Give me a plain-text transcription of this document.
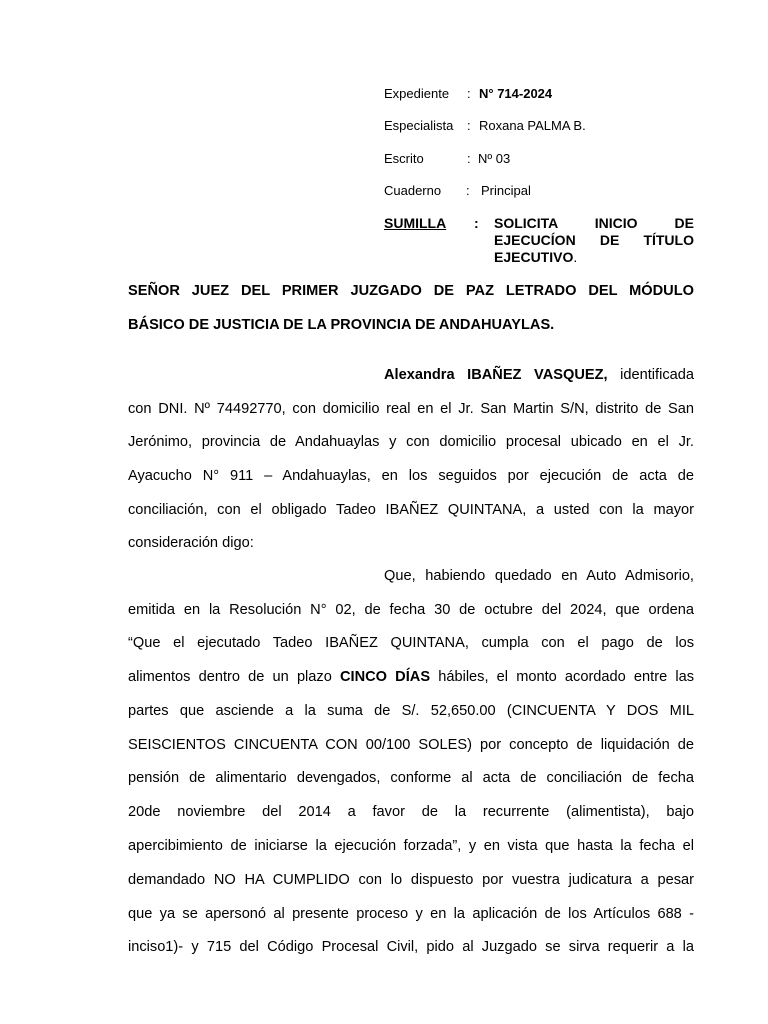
Expediente : N° 714-2024
Especialista : Roxana PALMA B.
Escrito	: Nº 03
Cuaderno : Principal
SUMILLA : SOLICITA INICIO DE
EJECUCÍON DE TÍTULO
EJECUTIVO.
SEÑOR JUEZ DEL PRIMER JUZGADO DE PAZ LETRADO DEL MÓDULO
BÁSICO DE JUSTICIA DE LA PROVINCIA DE ANDAHUAYLAS.
Alexandra IBAÑEZ VASQUEZ, identificada
con DNI. Nº 74492770, con domicilio real en el Jr. San Martin S/N, distrito de San
Jerónimo, provincia de Andahuaylas y con domicilio procesal ubicado en el Jr.
Ayacucho N° 911 – Andahuaylas, en los seguidos por ejecución de acta de
conciliación, con el obligado Tadeo IBAÑEZ QUINTANA, a usted con la mayor
consideración digo:
Que, habiendo quedado en Auto Admisorio,
emitida en la Resolución N° 02, de fecha 30 de octubre del 2024, que ordena
“Que el ejecutado Tadeo IBAÑEZ QUINTANA, cumpla con el pago de los
alimentos dentro de un plazo CINCO DÍAS hábiles, el monto acordado entre las
partes que asciende a la suma de S/. 52,650.00 (CINCUENTA Y DOS MIL
SEISCIENTOS CINCUENTA CON 00/100 SOLES) por concepto de liquidación de
pensión de alimentario devengados, conforme al acta de conciliación de fecha
20de noviembre del 2014 a favor de la recurrente (alimentista), bajo
apercibimiento de iniciarse la ejecución forzada”, y en vista que hasta la fecha el
demandado NO HA CUMPLIDO con lo dispuesto por vuestra judicatura a pesar
que ya se apersonó al presente proceso y en la aplicación de los Artículos 688 -
inciso1)- y 715 del Código Procesal Civil, pido al Juzgado se sirva requerir a la
